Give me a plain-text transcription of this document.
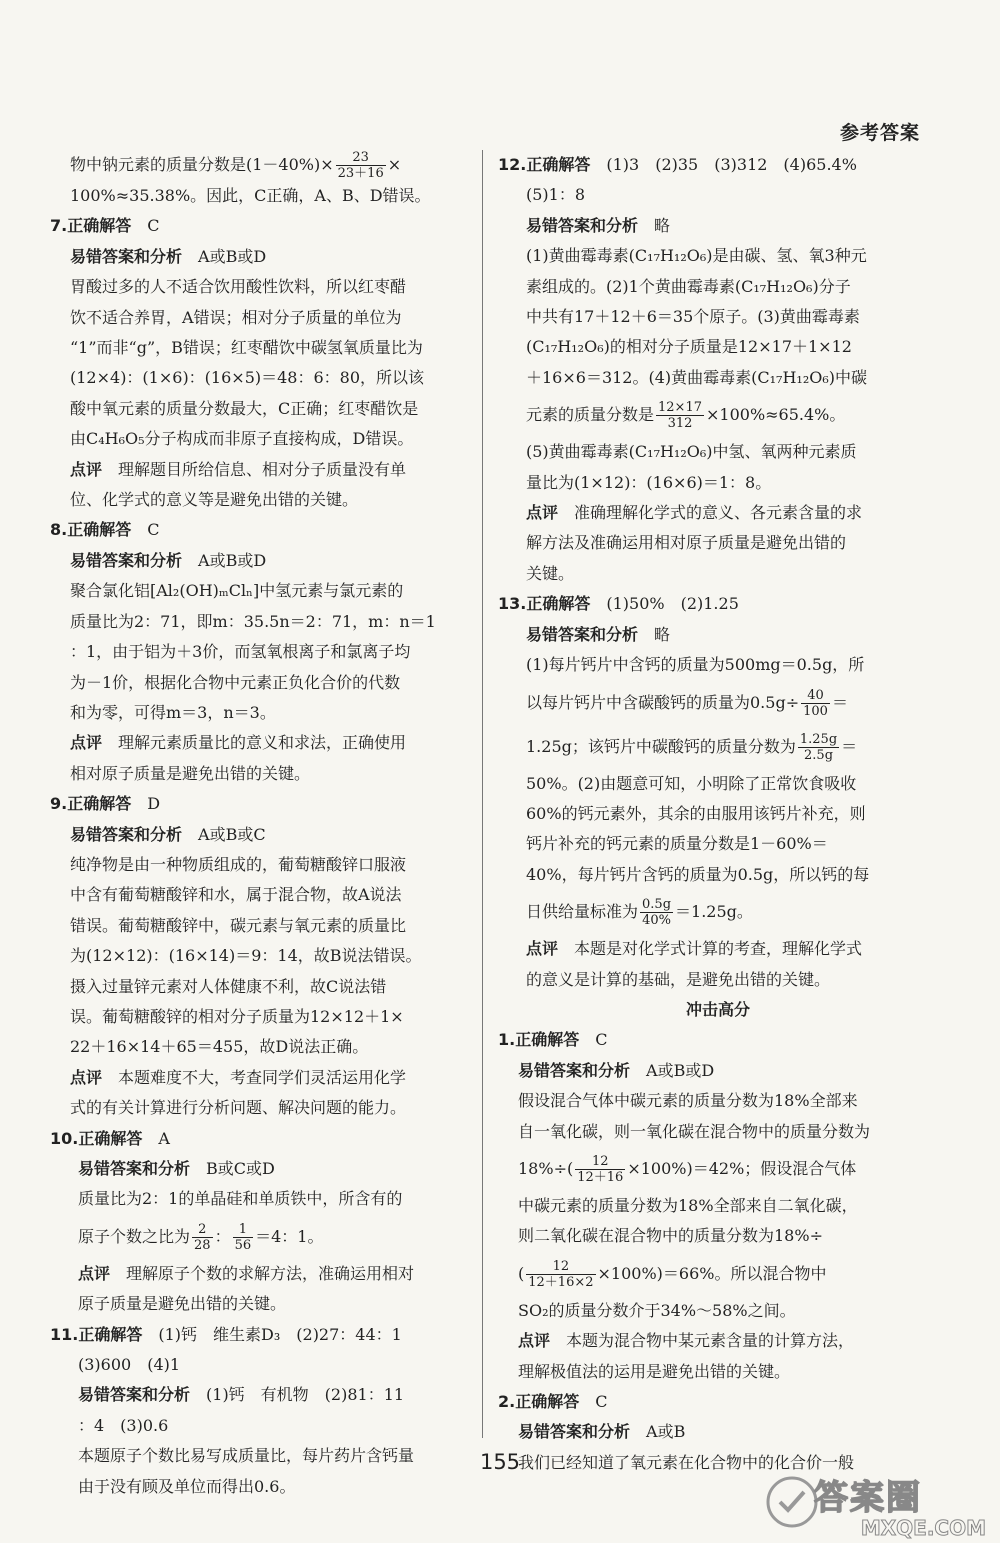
参考答案
物中钠元素的质量分数是$(1-40\%)\times \frac{23}{23+16}$ ×
100%≈35.38%。因此，C正确，A、B、D错误。
7.正确解答 C
易错答案和分析 A或B或D
胃酸过多的人不适合饮用酸性饮料，所以红枣醋
饮不适合养胃，A错误；相对分子质量的单位为
“1”而非“g”，B错误；红枣醋饮中碳氢氧质量比为
(12×4)：(1×6)：(16×5)＝48：6：80，所以该
酸中氧元素的质量分数最大，C正确；红枣醋饮是
由C₄H₆O₅分子构成而非原子直接构成，D错误。
点评 理解题目所给信息、相对分子质量没有单
位、化学式的意义等是避免出错的关键。
8.正确解答 C
易错答案和分析 A或B或D
聚合氯化铝[Al₂(OH)ₘClₙ]中氢元素与氯元素的
质量比为2：71，即m：35.5n＝2：71，m：n＝1
：1，由于铝为＋3价，而氢氧根离子和氯离子均
为－1价，根据化合物中元素正负化合价的代数
和为零，可得m＝3，n＝3。
点评 理解元素质量比的意义和求法，正确使用
相对原子质量是避免出错的关键。
9.正确解答 D
易错答案和分析 A或B或C
纯净物是由一种物质组成的，葡萄糖酸锌口服液
中含有葡萄糖酸锌和水，属于混合物，故A说法
错误。葡萄糖酸锌中，碳元素与氧元素的质量比
为(12×12)：(16×14)＝9：14，故B说法错误。
摄入过量锌元素对人体健康不利，故C说法错
误。葡萄糖酸锌的相对分子质量为12×12＋1×
22＋16×14＋65＝455，故D说法正确。
点评 本题难度不大，考查同学们灵活运用化学
式的有关计算进行分析问题、解决问题的能力。
10.正确解答 A
易错答案和分析 B或C或D
质量比为2：1的单晶硅和单质铁中，所含有的
原子个数之比为 $\frac{2}{28}$ ： $\frac{1}{56} =4$：1。
点评 理解原子个数的求解方法，准确运用相对
原子质量是避免出错的关键。
11.正确解答 (1)钙　维生素D₃　(2)27：44：1
(3)600　(4)1
易错答案和分析 (1)钙　有机物　(2)81：11
：4　(3)0.6
本题原子个数比易写成质量比，每片药片含钙量
由于没有顾及单位而得出0.6。
12.正确解答 (1)3　(2)35　(3)312　(4)65.4%
(5)1：8
易错答案和分析 略
(1)黄曲霉毒素(C₁₇H₁₂O₆)是由碳、氢、氧3种元
素组成的。(2)1个黄曲霉毒素(C₁₇H₁₂O₆)分子
中共有17＋12＋6＝35个原子。(3)黄曲霉毒素
(C₁₇H₁₂O₆)的相对分子质量是12×17＋1×12
＋16×6＝312。(4)黄曲霉毒素(C₁₇H₁₂O₆)中碳
元素的质量分数是 $\frac{12\times 17}{312} \times 100\%\approx 65.4\%$。
(5)黄曲霉毒素(C₁₇H₁₂O₆)中氢、氧两种元素质
量比为(1×12)：(16×6)＝1：8。
点评 准确理解化学式的意义、各元素含量的求
解方法及准确运用相对原子质量是避免出错的
关键。
13.正确解答 (1)50%　(2)1.25
易错答案和分析 略
(1)每片钙片中含钙的质量为500mg＝0.5g，所
以每片钙片中含碳酸钙的质量为$0.5g\div \frac{40}{100}$ ＝
1.25g；该钙片中碳酸钙的质量分数为 $\frac{1.25g}{2.5g}$ ＝
50%。(2)由题意可知，小明除了正常饮食吸收
60%的钙元素外，其余的由服用该钙片补充，则
钙片补充的钙元素的质量分数是1－60%＝
40%，每片钙片含钙的质量为0.5g，所以钙的每
日供给量标准为 $\frac{0.5g}{40\%} =1.25g$。
点评 本题是对化学式计算的考查，理解化学式
的意义是计算的基础，是避免出错的关键。
冲击高分
1.正确解答 C
易错答案和分析 A或B或D
假设混合气体中碳元素的质量分数为18%全部来
自一氧化碳，则一氧化碳在混合物中的质量分数为
$18\%\div( \frac{12}{12+16} \times 100\%)=42\%$；假设混合气体
中碳元素的质量分数为18%全部来自二氧化碳，
则二氧化碳在混合物中的质量分数为18%÷
( $\frac{12}{12+16\times 2} \times 100\%)=66\%$。所以混合物中
SO₂的质量分数介于34%～58%之间。
点评 本题为混合物中某元素含量的计算方法，
理解极值法的运用是避免出错的关键。
2.正确解答 C
易错答案和分析 A或B
我们已经知道了氧元素在化合物中的化合价一般
155
答案圈
MXQE.COM
